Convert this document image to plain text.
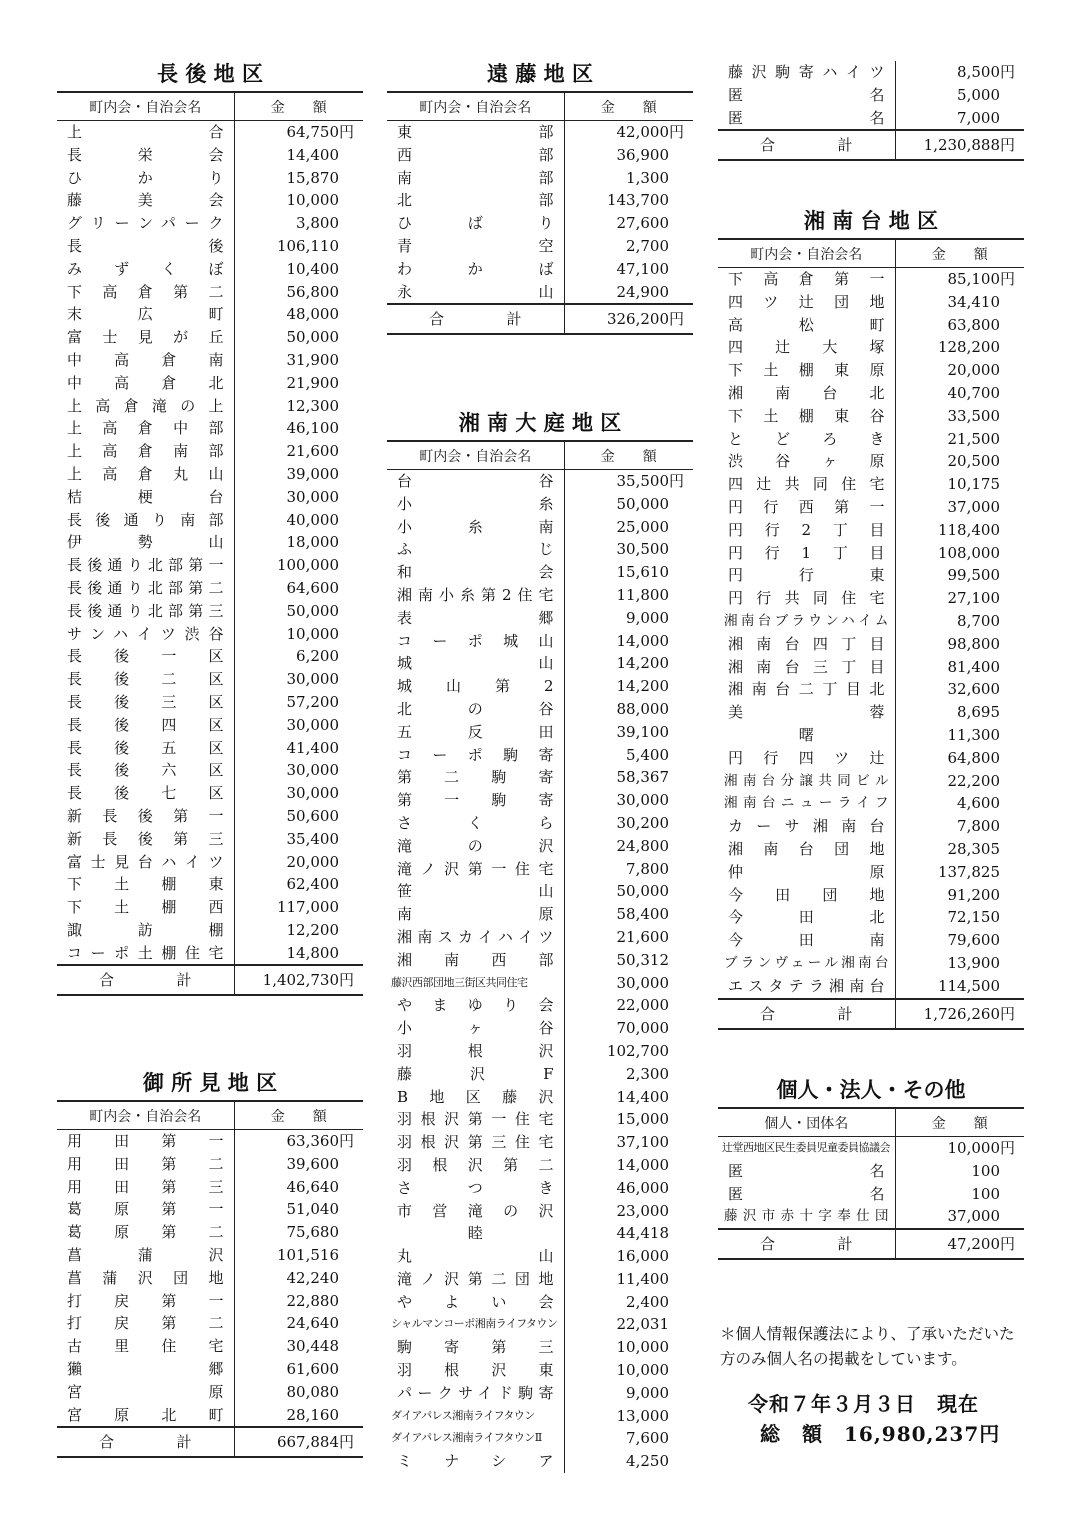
長 後 地 区
町内会・自治会名	金　　額
上合	64,750円
長栄会	14,400
ひかり	15,870
藤美会	10,000
グリーンパーク	3,800
長後	106,110
みずくぼ	10,400
下高倉第二	56,800
末広町	48,000
富士見が丘	50,000
中高倉南	31,900
中高倉北	21,900
上高倉滝の上	12,300
上高倉中部	46,100
上高倉南部	21,600
上高倉丸山	39,000
桔梗台	30,000
長後通り南部	40,000
伊勢山	18,000
長後通り北部第一	100,000
長後通り北部第二	64,600
長後通り北部第三	50,000
サンハイツ渋谷	10,000
長後一区	6,200
長後二区	30,000
長後三区	57,200
長後四区	30,000
長後五区	41,400
長後六区	30,000
長後七区	30,000
新長後第一	50,600
新長後第三	35,400
富士見台ハイツ	20,000
下土棚東	62,400
下土棚西	117,000
諏訪棚	12,200
コーポ土棚住宅	14,800
合　計	1,402,730円
御 所 見 地 区
町内会・自治会名	金　　額
用田第一	63,360円
用田第二	39,600
用田第三	46,640
葛原第一	51,040
葛原第二	75,680
菖蒲沢	101,516
菖蒲沢団地	42,240
打戻第一	22,880
打戻第二	24,640
古里住宅	30,448
獺郷	61,600
宮原	80,080
宮原北町	28,160
合　計	667,884円
遠 藤 地 区
町内会・自治会名	金　　額
東部	42,000円
西部	36,900
南部	1,300
北部	143,700
ひばり	27,600
青空	2,700
わかば	47,100
永山	24,900
合　計	326,200円
湘 南 大 庭 地 区
町内会・自治会名	金　　額
台谷	35,500円
小糸	50,000
小糸南	25,000
ふじ	30,500
和会	15,610
湘南小糸第2住宅	11,800
表郷	9,000
コーポ城山	14,000
城山	14,200
城山第2	14,200
北の谷	88,000
五反田	39,100
コーポ駒寄	5,400
第二駒寄	58,367
第一駒寄	30,000
さくら	30,200
滝の沢	24,800
滝ノ沢第一住宅	7,800
笹山	50,000
南原	58,400
湘南スカイハイツ	21,600
湘南西部	50,312
藤沢西部団地三街区共同住宅	30,000
やまゆり会	22,000
小ヶ谷	70,000
羽根沢	102,700
藤沢F	2,300
B地区藤沢	14,400
羽根沢第一住宅	15,000
羽根沢第三住宅	37,100
羽根沢第二	14,000
さつき	46,000
市営滝の沢	23,000
睦	44,418
丸山	16,000
滝ノ沢第二団地	11,400
やよい会	2,400
シャルマンコーポ湘南ライフタウン	22,031
駒寄第三	10,000
羽根沢東	10,000
パークサイド駒寄	9,000
ダイアパレス湘南ライフタウン	13,000
ダイアパレス湘南ライフタウンⅡ	7,600
ミナシア	4,250
藤沢駒寄ハイツ	8,500円
匿名	5,000
匿名	7,000
合　計	1,230,888円
湘 南 台 地 区
町内会・自治会名	金　　額
下高倉第一	85,100円
四ツ辻団地	34,410
高松町	63,800
四辻大塚	128,200
下土棚東原	20,000
湘南台北	40,700
下土棚東谷	33,500
とどろき	21,500
渋谷ヶ原	20,500
四辻共同住宅	10,175
円行西第一	37,000
円行2丁目	118,400
円行1丁目	108,000
円行東	99,500
円行共同住宅	27,100
湘南台ブラウンハイム	8,700
湘南台四丁目	98,800
湘南台三丁目	81,400
湘南台二丁目北	32,600
美蓉	8,695
曙	11,300
円行四ツ辻	64,800
湘南台分譲共同ビル	22,200
湘南台ニューライフ	4,600
カーサ湘南台	7,800
湘南台団地	28,305
仲原	137,825
今田団地	91,200
今田北	72,150
今田南	79,600
ブランヴェール湘南台	13,900
エスタテラ湘南台	114,500
合　計	1,726,260円
個人・法人・その他
個人・団体名	金　　額
辻堂西地区民生委員児童委員協議会	10,000円
匿名	100
匿名	100
藤沢市赤十字奉仕団	37,000
合　計	47,200円
＊個人情報保護法により、了承いただいた方のみ個人名の掲載をしています。
令和７年３月３日　現在
総　額　 16,980,237円
